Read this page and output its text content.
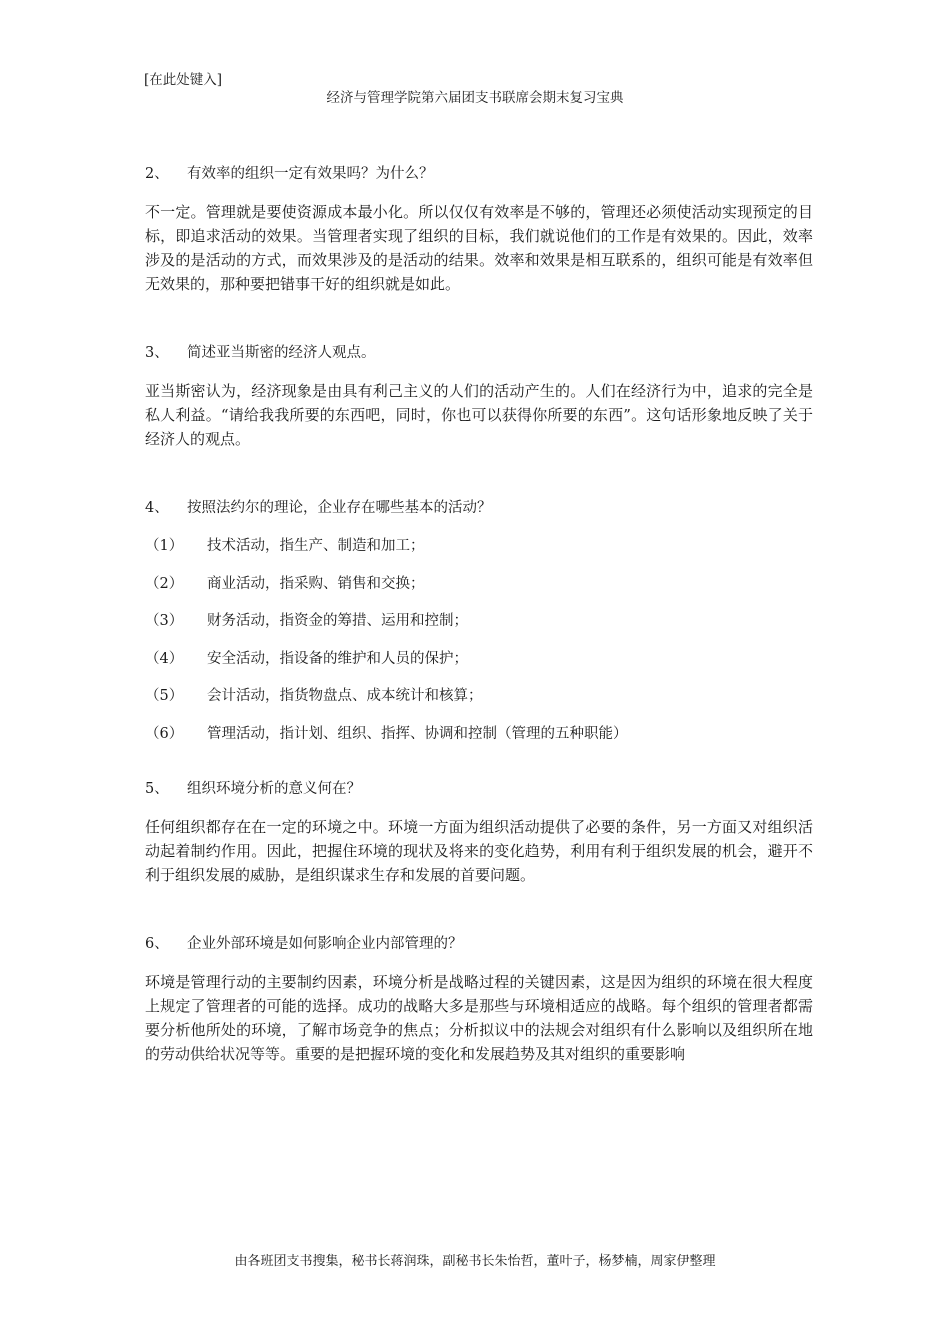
[在此处键入]
经济与管理学院第六届团支书联席会期末复习宝典
2、	有效率的组织一定有效果吗？为什么？

不一定。管理就是要使资源成本最小化。所以仅仅有效率是不够的，管理还必须使活动实现预定的目标，即追求活动的效果。当管理者实现了组织的目标，我们就说他们的工作是有效果的。因此，效率涉及的是活动的方式，而效果涉及的是活动的结果。效率和效果是相互联系的，组织可能是有效率但无效果的，那种要把错事干好的组织就是如此。

3、	简述亚当斯密的经济人观点。

亚当斯密认为，经济现象是由具有利己主义的人们的活动产生的。人们在经济行为中，追求的完全是私人利益。“请给我我所要的东西吧，同时，你也可以获得你所要的东西”。这句话形象地反映了关于经济人的观点。

4、	按照法约尔的理论，企业存在哪些基本的活动？
（1）	技术活动，指生产、制造和加工；
（2）	商业活动，指采购、销售和交换；
（3）	财务活动，指资金的筹措、运用和控制；
（4）	安全活动，指设备的维护和人员的保护；
（5）	会计活动，指货物盘点、成本统计和核算；
（6）	管理活动，指计划、组织、指挥、协调和控制（管理的五种职能）
5、	组织环境分析的意义何在？

任何组织都存在在一定的环境之中。环境一方面为组织活动提供了必要的条件，另一方面又对组织活动起着制约作用。因此，把握住环境的现状及将来的变化趋势，利用有利于组织发展的机会，避开不利于组织发展的威胁，是组织谋求生存和发展的首要问题。

6、	企业外部环境是如何影响企业内部管理的？

环境是管理行动的主要制约因素，环境分析是战略过程的关键因素，这是因为组织的环境在很大程度上规定了管理者的可能的选择。成功的战略大多是那些与环境相适应的战略。每个组织的管理者都需要分析他所处的环境，了解市场竞争的焦点；分析拟议中的法规会对组织有什么影响以及组织所在地的劳动供给状况等等。重要的是把握环境的变化和发展趋势及其对组织的重要影响

由各班团支书搜集，秘书长蒋润珠，副秘书长朱怡哲，董叶子，杨梦楠，周家伊整理
